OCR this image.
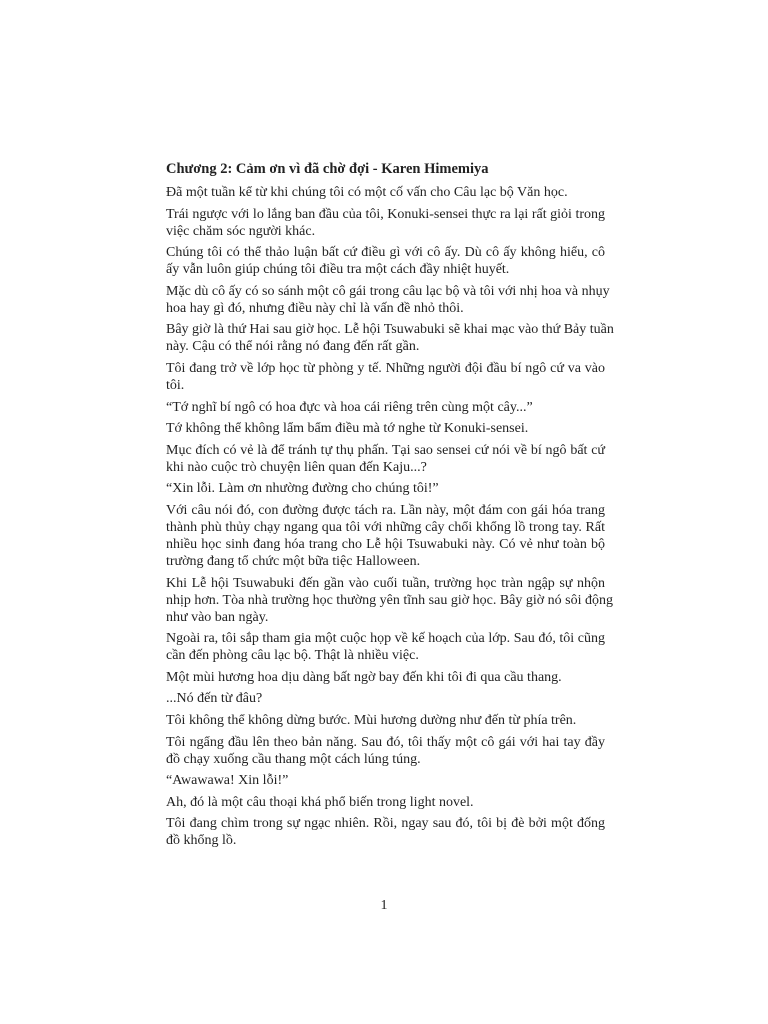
Chương 2: Cảm ơn vì đã chờ đợi - Karen Himemiya
Đã một tuần kể từ khi chúng tôi có một cố vấn cho Câu lạc bộ Văn học.
Trái ngược với lo lắng ban đầu của tôi, Konuki-sensei thực ra lại rất giỏi trong
việc chăm sóc người khác.
Chúng tôi có thể thảo luận bất cứ điều gì với cô ấy. Dù cô ấy không hiểu, cô
ấy vẫn luôn giúp chúng tôi điều tra một cách đầy nhiệt huyết.
Mặc dù cô ấy có so sánh một cô gái trong câu lạc bộ và tôi với nhị hoa và nhụy
hoa hay gì đó, nhưng điều này chỉ là vấn đề nhỏ thôi.
Bây giờ là thứ Hai sau giờ học. Lễ hội Tsuwabuki sẽ khai mạc vào thứ Bảy tuần
này. Cậu có thể nói rằng nó đang đến rất gần.
Tôi đang trở về lớp học từ phòng y tế. Những người đội đầu bí ngô cứ va vào
tôi.
“Tớ nghĩ bí ngô có hoa đực và hoa cái riêng trên cùng một cây...”
Tớ không thể không lẩm bẩm điều mà tớ nghe từ Konuki-sensei.
Mục đích có vẻ là để tránh tự thụ phấn. Tại sao sensei cứ nói về bí ngô bất cứ
khi nào cuộc trò chuyện liên quan đến Kaju...?
“Xin lỗi. Làm ơn nhường đường cho chúng tôi!”
Với câu nói đó, con đường được tách ra. Lần này, một đám con gái hóa trang
thành phù thủy chạy ngang qua tôi với những cây chổi khổng lồ trong tay. Rất
nhiều học sinh đang hóa trang cho Lễ hội Tsuwabuki này. Có vẻ như toàn bộ
trường đang tổ chức một bữa tiệc Halloween.
Khi Lễ hội Tsuwabuki đến gần vào cuối tuần, trường học tràn ngập sự nhộn
nhịp hơn. Tòa nhà trường học thường yên tĩnh sau giờ học. Bây giờ nó sôi động
như vào ban ngày.
Ngoài ra, tôi sắp tham gia một cuộc họp về kế hoạch của lớp. Sau đó, tôi cũng
cần đến phòng câu lạc bộ. Thật là nhiều việc.
Một mùi hương hoa dịu dàng bất ngờ bay đến khi tôi đi qua cầu thang.
...Nó đến từ đâu?
Tôi không thể không dừng bước. Mùi hương dường như đến từ phía trên.
Tôi ngẩng đầu lên theo bản năng. Sau đó, tôi thấy một cô gái với hai tay đầy
đồ chạy xuống cầu thang một cách lúng túng.
“Awawawa! Xin lỗi!”
Ah, đó là một câu thoại khá phổ biến trong light novel.
Tôi đang chìm trong sự ngạc nhiên. Rồi, ngay sau đó, tôi bị đè bởi một đống
đồ khổng lồ.
1
